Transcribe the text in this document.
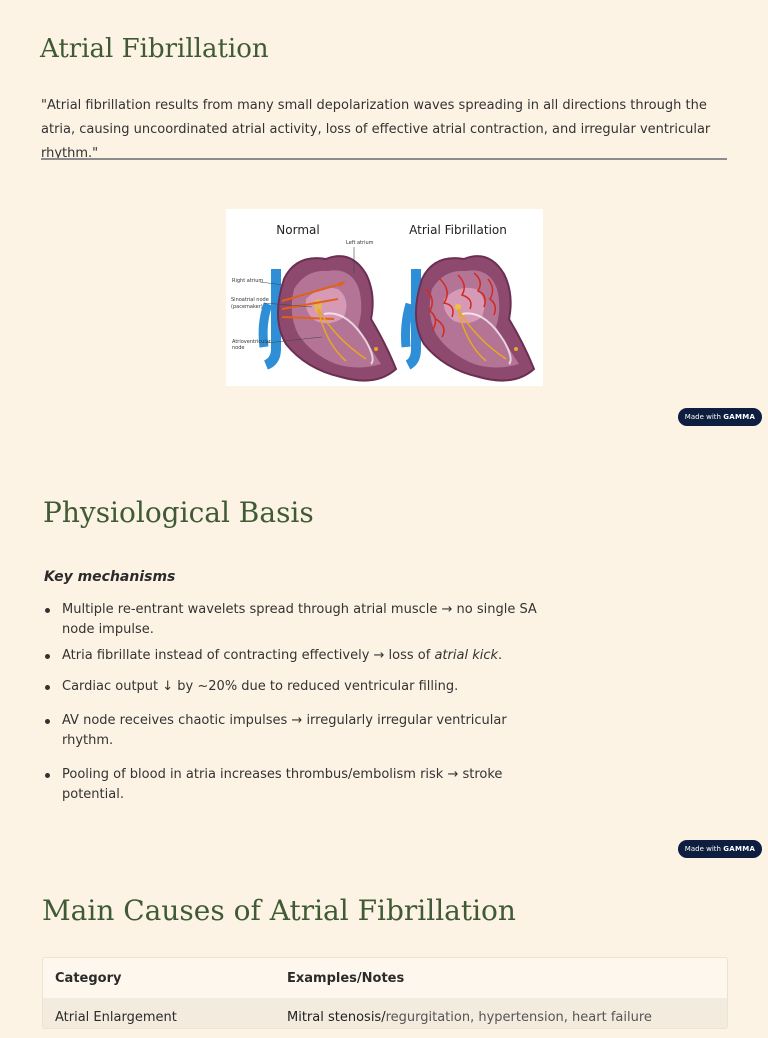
Atrial Fibrillation
"Atrial fibrillation results from many small depolarization waves spreading in all directions through the atria, causing uncoordinated atrial activity, loss of effective atrial contraction, and irregular ventricular rhythm."
Normal	Atrial Fibrillation
Left atrium
Right atrium
Sinoatrial node
(pacemaker)
Atrioventricular
node
Made with GAMMA
Physiological Basis
Key mechanisms
Multiple re-entrant wavelets spread through atrial muscle → no single SA node impulse.
Atria fibrillate instead of contracting effectively → loss of atrial kick.
Cardiac output ↓ by ~20% due to reduced ventricular filling.
AV node receives chaotic impulses → irregularly irregular ventricular rhythm.
Pooling of blood in atria increases thrombus/embolism risk → stroke potential.
Made with GAMMA
Main Causes of Atrial Fibrillation
Category	Examples/Notes
Atrial Enlargement	Mitral stenosis/regurgitation, hypertension, heart failure
